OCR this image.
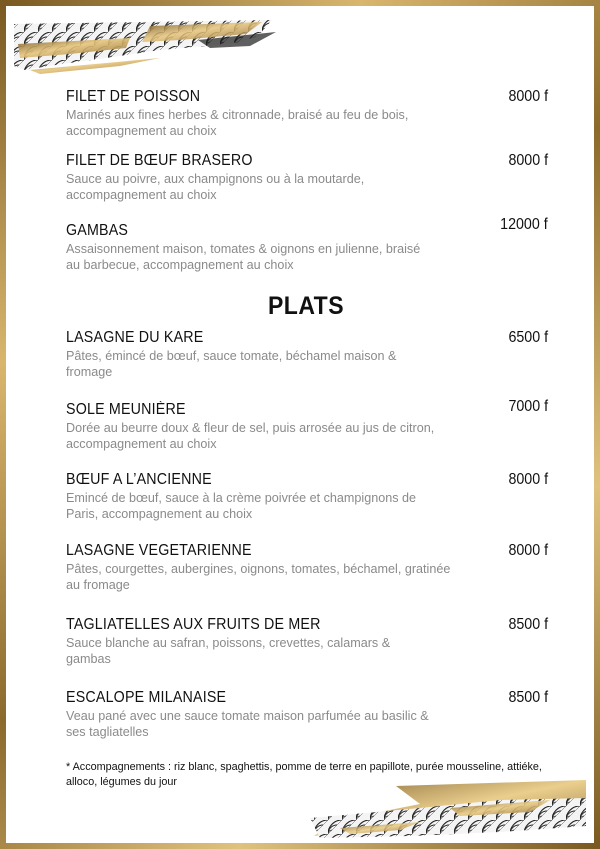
FILET DE POISSON	8000 f
Marinés aux fines herbes & citronnade, braisé au feu de bois, accompagnement au choix
FILET DE BŒUF BRASERO	8000 f
Sauce au poivre, aux champignons ou à la moutarde, accompagnement au choix
GAMBAS	12000 f
Assaisonnement maison, tomates & oignons en julienne, braisé au barbecue, accompagnement au choix
PLATS
LASAGNE DU KARE	6500 f
Pâtes, émincé de bœuf, sauce tomate, béchamel maison & fromage
SOLE MEUNIÈRE	7000 f
Dorée au beurre doux & fleur de sel, puis arrosée au jus de citron, accompagnement au choix
BŒUF A L’ANCIENNE	8000 f
Emincé de bœuf, sauce à la crème poivrée et champignons de Paris, accompagnement au choix
LASAGNE VEGETARIENNE	8000 f
Pâtes, courgettes, aubergines, oignons, tomates, béchamel, gratinée au fromage
TAGLIATELLES AUX FRUITS DE MER	8500 f
Sauce blanche au safran, poissons, crevettes, calamars & gambas
ESCALOPE MILANAISE	8500 f
Veau pané avec une sauce tomate maison parfumée au basilic & ses tagliatelles
* Accompagnements : riz blanc, spaghettis, pomme de terre en papillote, purée mousseline, attiéke, alloco, légumes du jour
